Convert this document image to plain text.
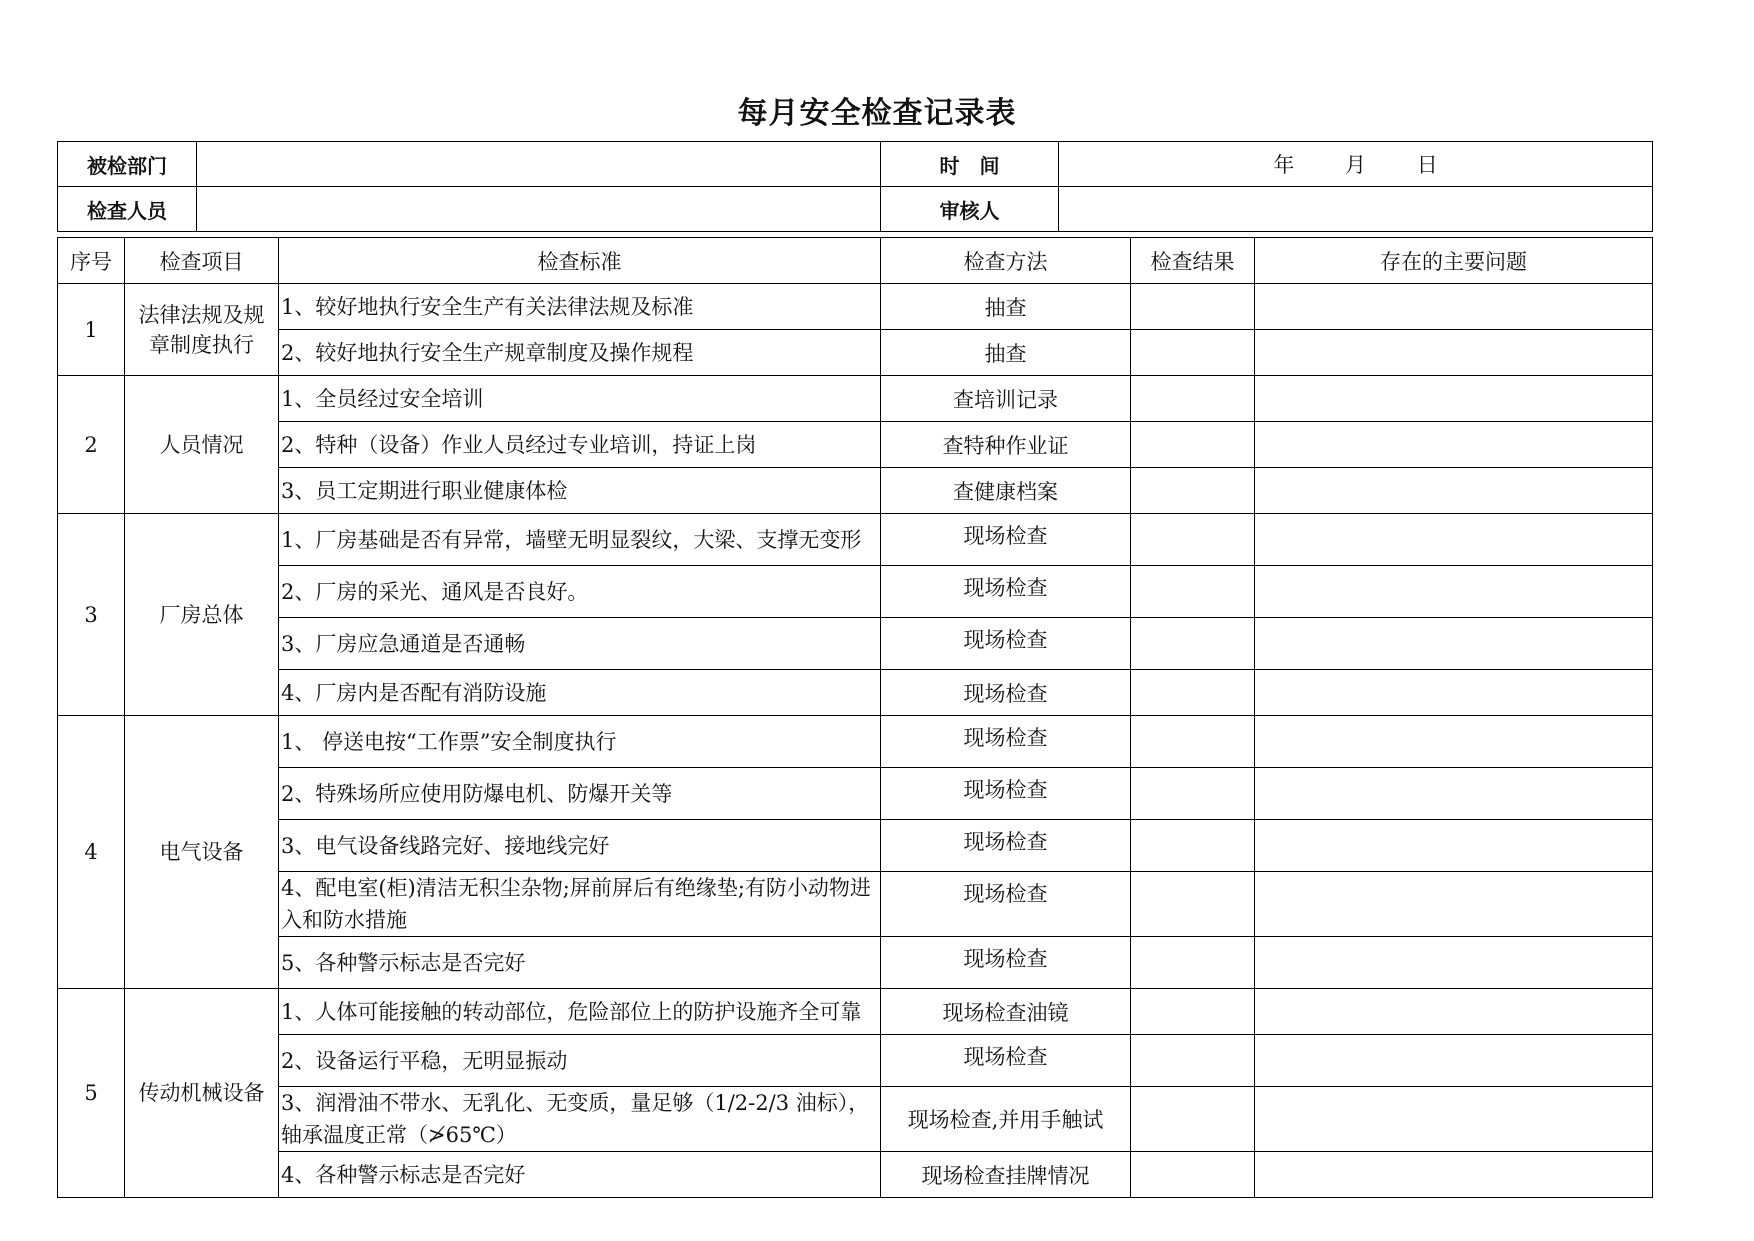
每月安全检查记录表
被检部门		时　间	年 月 日
检查人员		审核人	
序号	检查项目	检查标准	检查方法	检查结果	存在的主要问题
1	法律法规及规章制度执行	1、较好地执行安全生产有关法律法规及标准	抽查		
		2、较好地执行安全生产规章制度及操作规程	抽查		
2	人员情况	1、全员经过安全培训	查培训记录		
		2、特种（设备）作业人员经过专业培训，持证上岗	查特种作业证		
		3、员工定期进行职业健康体检	查健康档案		
3	厂房总体	1、厂房基础是否有异常，墙壁无明显裂纹，大梁、支撑无变形	现场检查		
		2、厂房的采光、通风是否良好。	现场检查		
		3、厂房应急通道是否通畅	现场检查		
		4、厂房内是否配有消防设施	现场检查		
4	电气设备	1、 停送电按“工作票”安全制度执行	现场检查		
		2、特殊场所应使用防爆电机、防爆开关等	现场检查		
		3、电气设备线路完好、接地线完好	现场检查		
		4、配电室(柜)清洁无积尘杂物;屏前屏后有绝缘垫;有防小动物进入和防水措施	现场检查		
		5、各种警示标志是否完好	现场检查		
5	传动机械设备	1、人体可能接触的转动部位，危险部位上的防护设施齐全可靠	现场检查油镜		
		2、设备运行平稳，无明显振动	现场检查		
		3、润滑油不带水、无乳化、无变质，量足够（1/2-2/3 油标），轴承温度正常（≯65℃）	现场检查,并用手触试		
		4、各种警示标志是否完好	现场检查挂牌情况		
